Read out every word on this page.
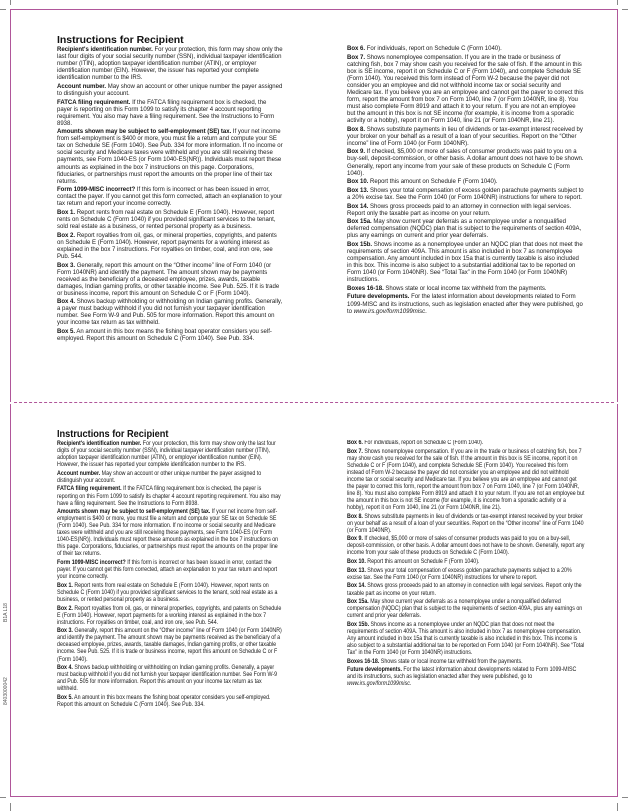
B1A L18
8403000042

Instructions for Recipient

Recipient's identification number. For your protection, this form may show only the last four digits of your social security number (SSN), individual taxpayer identification number (ITIN), adoption taxpayer identification number (ATIN), or employer identification number (EIN). However, the issuer has reported your complete identification number to the IRS.

Account number. May show an account or other unique number the payer assigned to distinguish your account.

FATCA filing requirement. If the FATCA filing requirement box is checked, the payer is reporting on this Form 1099 to satisfy its chapter 4 account reporting requirement. You also may have a filing requirement. See the Instructions to Form 8938.

Amounts shown may be subject to self-employment (SE) tax. If your net income from self-employment is $400 or more, you must file a return and compute your SE tax on Schedule SE (Form 1040). See Pub. 334 for more information. If no income or social security and Medicare taxes were withheld and you are still receiving these payments, see Form 1040-ES (or Form 1040-ES(NR)). Individuals must report these amounts as explained in the box 7 instructions on this page. Corporations, fiduciaries, or partnerships must report the amounts on the proper line of their tax returns.

Form 1099-MISC incorrect? If this form is incorrect or has been issued in error, contact the payer. If you cannot get this form corrected, attach an explanation to your tax return and report your income correctly.

Box 1. Report rents from real estate on Schedule E (Form 1040). However, report rents on Schedule C (Form 1040) if you provided significant services to the tenant, sold real estate as a business, or rented personal property as a business.

Box 2. Report royalties from oil, gas, or mineral properties, copyrights, and patents on Schedule E (Form 1040). However, report payments for a working interest as explained in the box 7 instructions. For royalties on timber, coal, and iron ore, see Pub. 544.

Box 3. Generally, report this amount on the “Other income” line of Form 1040 (or Form 1040NR) and identify the payment. The amount shown may be payments received as the beneficiary of a deceased employee, prizes, awards, taxable damages, Indian gaming profits, or other taxable income. See Pub. 525. If it is trade or business income, report this amount on Schedule C or F (Form 1040).

Box 4. Shows backup withholding or withholding on Indian gaming profits. Generally, a payer must backup withhold if you did not furnish your taxpayer identification number. See Form W-9 and Pub. 505 for more information. Report this amount on your income tax return as tax withheld.

Box 5. An amount in this box means the fishing boat operator considers you self-employed. Report this amount on Schedule C (Form 1040). See Pub. 334.

Box 6. For individuals, report on Schedule C (Form 1040).

Box 7. Shows nonemployee compensation. If you are in the trade or business of catching fish, box 7 may show cash you received for the sale of fish. If the amount in this box is SE income, report it on Schedule C or F (Form 1040), and complete Schedule SE (Form 1040). You received this form instead of Form W-2 because the payer did not consider you an employee and did not withhold income tax or social security and Medicare tax. If you believe you are an employee and cannot get the payer to correct this form, report the amount from box 7 on Form 1040, line 7 (or Form 1040NR, line 8). You must also complete Form 8919 and attach it to your return. If you are not an employee but the amount in this box is not SE income (for example, it is income from a sporadic activity or a hobby), report it on Form 1040, line 21 (or Form 1040NR, line 21).

Box 8. Shows substitute payments in lieu of dividends or tax-exempt interest received by your broker on your behalf as a result of a loan of your securities. Report on the “Other income” line of Form 1040 (or Form 1040NR).

Box 9. If checked, $5,000 or more of sales of consumer products was paid to you on a buy-sell, deposit-commission, or other basis. A dollar amount does not have to be shown. Generally, report any income from your sale of these products on Schedule C (Form 1040).

Box 10. Report this amount on Schedule F (Form 1040).

Box 13. Shows your total compensation of excess golden parachute payments subject to a 20% excise tax. See the Form 1040 (or Form 1040NR) instructions for where to report.

Box 14. Shows gross proceeds paid to an attorney in connection with legal services. Report only the taxable part as income on your return.

Box 15a. May show current year deferrals as a nonemployee under a nonqualified deferred compensation (NQDC) plan that is subject to the requirements of section 409A, plus any earnings on current and prior year deferrals.

Box 15b. Shows income as a nonemployee under an NQDC plan that does not meet the requirements of section 409A. This amount is also included in box 7 as nonemployee compensation. Any amount included in box 15a that is currently taxable is also included in this box. This income is also subject to a substantial additional tax to be reported on Form 1040 (or Form 1040NR). See “Total Tax” in the Form 1040 (or Form 1040NR) instructions.

Boxes 16-18. Shows state or local income tax withheld from the payments.

Future developments. For the latest information about developments related to Form 1099-MISC and its instructions, such as legislation enacted after they were published, go to www.irs.gov/form1099misc.

Instructions for Recipient

Recipient's identification number. For your protection, this form may show only the last four digits of your social security number (SSN), individual taxpayer identification number (ITIN), adoption taxpayer identification number (ATIN), or employer identification number (EIN). However, the issuer has reported your complete identification number to the IRS.

Account number. May show an account or other unique number the payer assigned to distinguish your account.

FATCA filing requirement. If the FATCA filing requirement box is checked, the payer is reporting on this Form 1099 to satisfy its chapter 4 account reporting requirement. You also may have a filing requirement. See the Instructions to Form 8938.

Amounts shown may be subject to self-employment (SE) tax. If your net income from self-employment is $400 or more, you must file a return and compute your SE tax on Schedule SE (Form 1040). See Pub. 334 for more information. If no income or social security and Medicare taxes were withheld and you are still receiving these payments, see Form 1040-ES (or Form 1040-ES(NR)). Individuals must report these amounts as explained in the box 7 instructions on this page. Corporations, fiduciaries, or partnerships must report the amounts on the proper line of their tax returns.

Form 1099-MISC incorrect? If this form is incorrect or has been issued in error, contact the payer. If you cannot get this form corrected, attach an explanation to your tax return and report your income correctly.

Box 1. Report rents from real estate on Schedule E (Form 1040). However, report rents on Schedule C (Form 1040) if you provided significant services to the tenant, sold real estate as a business, or rented personal property as a business.

Box 2. Report royalties from oil, gas, or mineral properties, copyrights, and patents on Schedule E (Form 1040). However, report payments for a working interest as explained in the box 7 instructions. For royalties on timber, coal, and iron ore, see Pub. 544.

Box 3. Generally, report this amount on the “Other income” line of Form 1040 (or Form 1040NR) and identify the payment. The amount shown may be payments received as the beneficiary of a deceased employee, prizes, awards, taxable damages, Indian gaming profits, or other taxable income. See Pub. 525. If it is trade or business income, report this amount on Schedule C or F (Form 1040).

Box 4. Shows backup withholding or withholding on Indian gaming profits. Generally, a payer must backup withhold if you did not furnish your taxpayer identification number. See Form W-9 and Pub. 505 for more information. Report this amount on your income tax return as tax withheld.

Box 5. An amount in this box means the fishing boat operator considers you self-employed. Report this amount on Schedule C (Form 1040). See Pub. 334.

Box 6. For individuals, report on Schedule C (Form 1040).

Box 7. Shows nonemployee compensation. If you are in the trade or business of catching fish, box 7 may show cash you received for the sale of fish. If the amount in this box is SE income, report it on Schedule C or F (Form 1040), and complete Schedule SE (Form 1040). You received this form instead of Form W-2 because the payer did not consider you an employee and did not withhold income tax or social security and Medicare tax. If you believe you are an employee and cannot get the payer to correct this form, report the amount from box 7 on Form 1040, line 7 (or Form 1040NR, line 8). You must also complete Form 8919 and attach it to your return. If you are not an employee but the amount in this box is not SE income (for example, it is income from a sporadic activity or a hobby), report it on Form 1040, line 21 (or Form 1040NR, line 21).

Box 8. Shows substitute payments in lieu of dividends or tax-exempt interest received by your broker on your behalf as a result of a loan of your securities. Report on the “Other income” line of Form 1040 (or Form 1040NR).

Box 9. If checked, $5,000 or more of sales of consumer products was paid to you on a buy-sell, deposit-commission, or other basis. A dollar amount does not have to be shown. Generally, report any income from your sale of these products on Schedule C (Form 1040).

Box 10. Report this amount on Schedule F (Form 1040).

Box 13. Shows your total compensation of excess golden parachute payments subject to a 20% excise tax. See the Form 1040 (or Form 1040NR) instructions for where to report.

Box 14. Shows gross proceeds paid to an attorney in connection with legal services. Report only the taxable part as income on your return.

Box 15a. May show current year deferrals as a nonemployee under a nonqualified deferred compensation (NQDC) plan that is subject to the requirements of section 409A, plus any earnings on current and prior year deferrals.

Box 15b. Shows income as a nonemployee under an NQDC plan that does not meet the requirements of section 409A. This amount is also included in box 7 as nonemployee compensation. Any amount included in box 15a that is currently taxable is also included in this box. This income is also subject to a substantial additional tax to be reported on Form 1040 (or Form 1040NR). See “Total Tax” in the Form 1040 (or Form 1040NR) instructions.

Boxes 16-18. Shows state or local income tax withheld from the payments.

Future developments. For the latest information about developments related to Form 1099-MISC and its instructions, such as legislation enacted after they were published, go to www.irs.gov/form1099misc.
